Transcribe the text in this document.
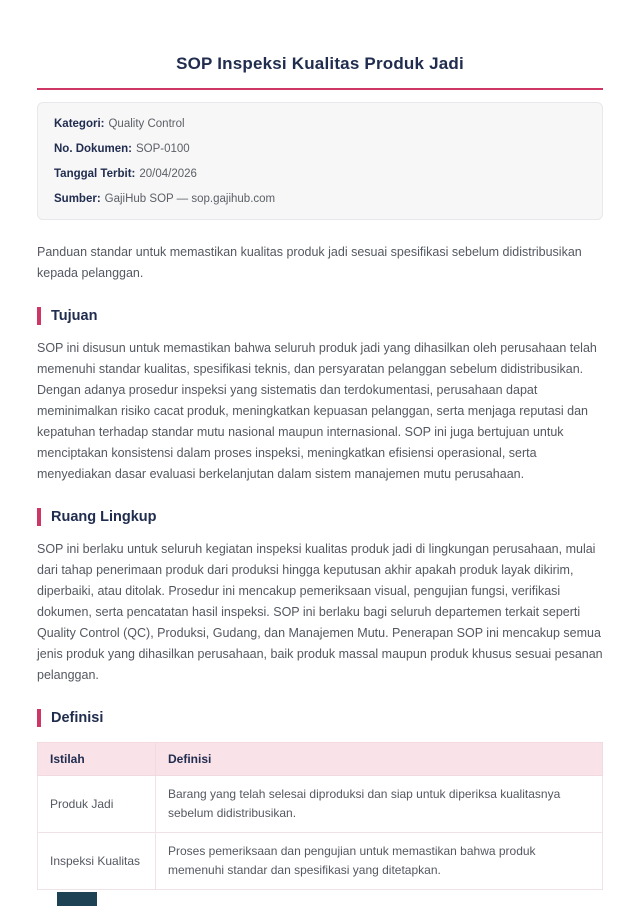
SOP Inspeksi Kualitas Produk Jadi
Kategori: Quality Control
No. Dokumen: SOP-0100
Tanggal Terbit: 20/04/2026
Sumber: GajiHub SOP — sop.gajihub.com

Panduan standar untuk memastikan kualitas produk jadi sesuai spesifikasi sebelum didistribusikan kepada pelanggan.

Tujuan

SOP ini disusun untuk memastikan bahwa seluruh produk jadi yang dihasilkan oleh perusahaan telah memenuhi standar kualitas, spesifikasi teknis, dan persyaratan pelanggan sebelum didistribusikan. Dengan adanya prosedur inspeksi yang sistematis dan terdokumentasi, perusahaan dapat meminimalkan risiko cacat produk, meningkatkan kepuasan pelanggan, serta menjaga reputasi dan kepatuhan terhadap standar mutu nasional maupun internasional. SOP ini juga bertujuan untuk menciptakan konsistensi dalam proses inspeksi, meningkatkan efisiensi operasional, serta menyediakan dasar evaluasi berkelanjutan dalam sistem manajemen mutu perusahaan.

Ruang Lingkup

SOP ini berlaku untuk seluruh kegiatan inspeksi kualitas produk jadi di lingkungan perusahaan, mulai dari tahap penerimaan produk dari produksi hingga keputusan akhir apakah produk layak dikirim, diperbaiki, atau ditolak. Prosedur ini mencakup pemeriksaan visual, pengujian fungsi, verifikasi dokumen, serta pencatatan hasil inspeksi. SOP ini berlaku bagi seluruh departemen terkait seperti Quality Control (QC), Produksi, Gudang, dan Manajemen Mutu. Penerapan SOP ini mencakup semua jenis produk yang dihasilkan perusahaan, baik produk massal maupun produk khusus sesuai pesanan pelanggan.

Definisi
Istilah	Definisi
Produk Jadi	Barang yang telah selesai diproduksi dan siap untuk diperiksa kualitasnya sebelum didistribusikan.
Inspeksi Kualitas	Proses pemeriksaan dan pengujian untuk memastikan bahwa produk memenuhi standar dan spesifikasi yang ditetapkan.
